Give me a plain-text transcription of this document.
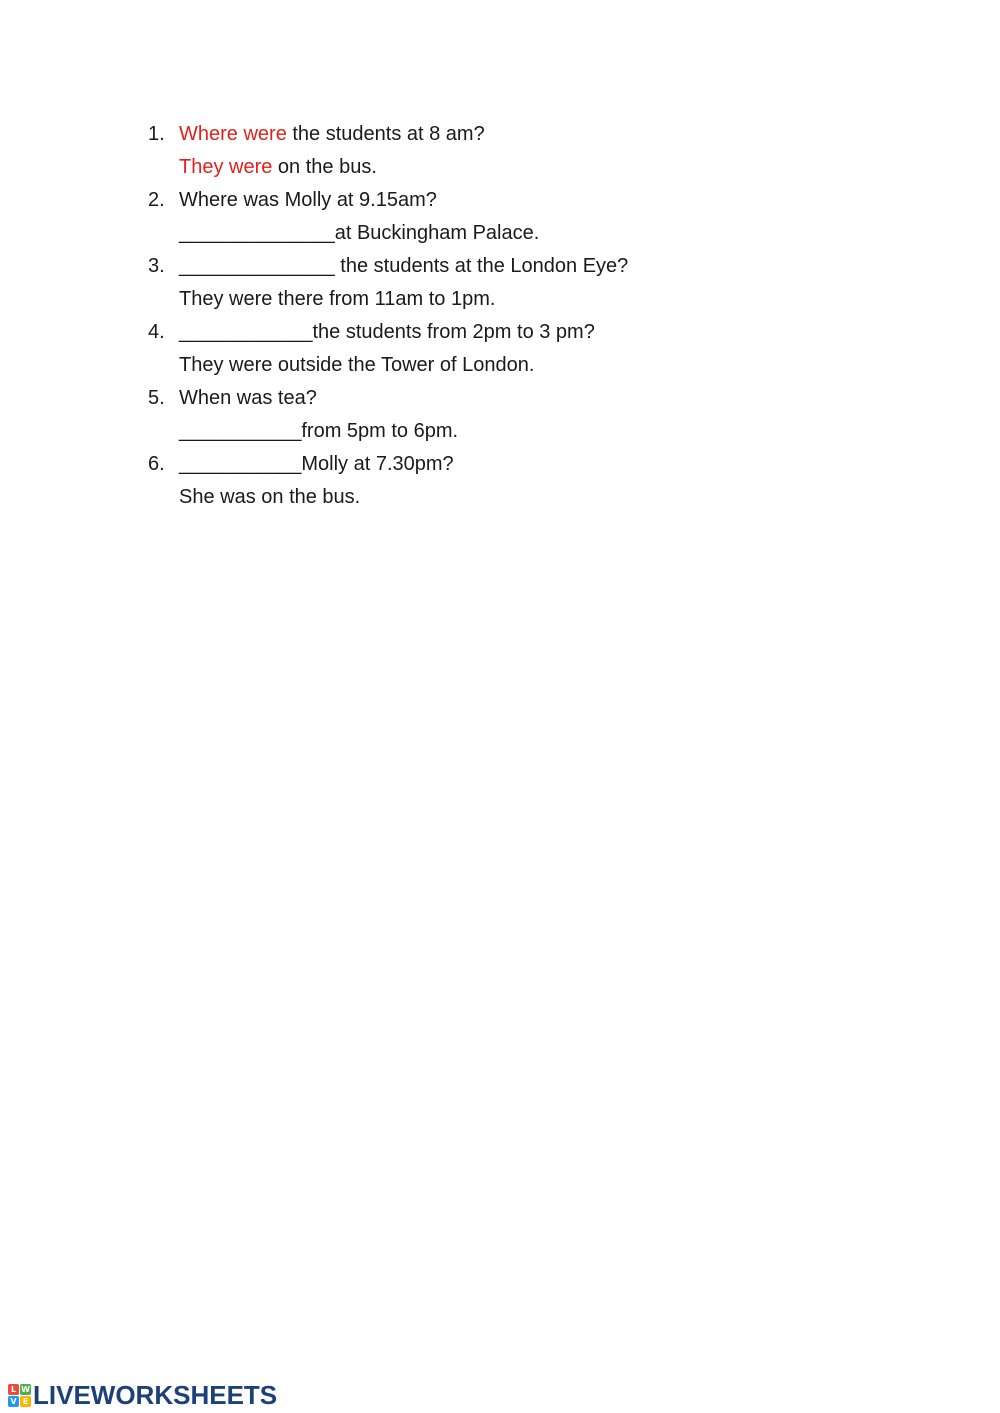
1. Where were the students at 8 am?
They were on the bus.
2. Where was Molly at 9.15am?
______________at Buckingham Palace.
3. ______________ the students at the London Eye?
They were there from 11am to 1pm.
4. ____________the students from 2pm to 3 pm?
They were outside the Tower of London.
5. When was tea?
___________from 5pm to 6pm.
6. ___________Molly at 7.30pm?
She was on the bus.
L W
V E LIVEWORKSHEETS
